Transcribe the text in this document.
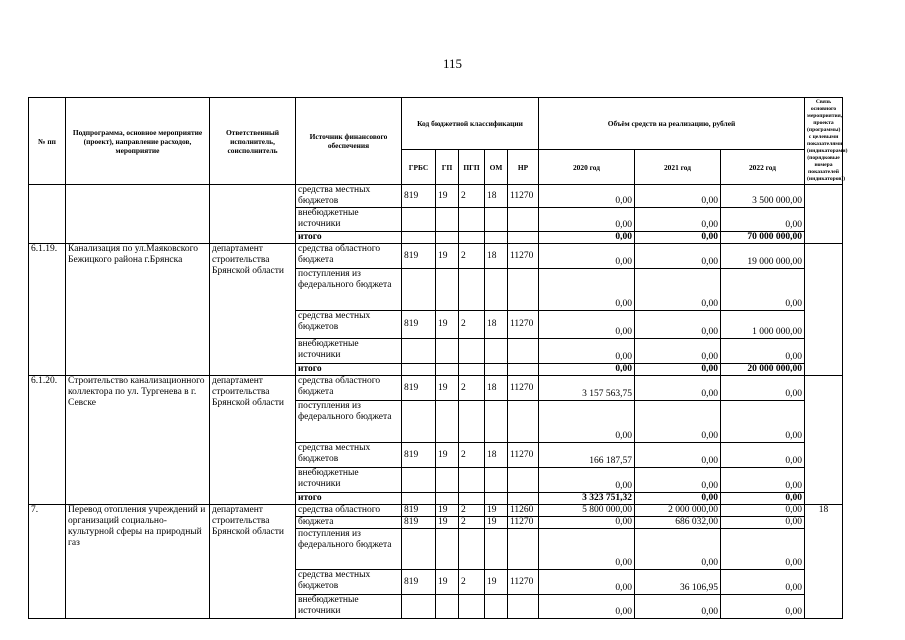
115
№ пп	Подпрограмма, основное мероприятие (проект), направление расходов, мероприятие	Ответственный исполнитель, соисполнитель	Источник финансового обеспечения	Код бюджетной классификации					Объём средств на реализацию, рублей			Связь основного мероприятия, проекта (программы) с целевыми показателями (индикаторами) (порядковые номера показателей (индикаторов))
				ГРБС	ГП	ПГП	ОМ	НР	2020 год	2021 год	2022 год	
			средства местных бюджетов	819	19	2	18	11270	0,00	0,00	3 500 000,00	
			внебюджетные источники						0,00	0,00	0,00	
			итого						0,00	0,00	70 000 000,00	
6.1.19.	Канализация по ул.Маяковского Бежицкого района г.Брянска	департамент строительства Брянской области	средства областного бюджета	819	19	2	18	11270	0,00	0,00	19 000 000,00	
			поступления из федерального бюджета						0,00	0,00	0,00	
			средства местных бюджетов	819	19	2	18	11270	0,00	0,00	1 000 000,00	
			внебюджетные источники						0,00	0,00	0,00	
			итого						0,00	0,00	20 000 000,00	
6.1.20.	Строительство канализационного коллектора по ул. Тургенева в г. Севске	департамент строительства Брянской области	средства областного бюджета	819	19	2	18	11270	3 157 563,75	0,00	0,00	
			поступления из федерального бюджета						0,00	0,00	0,00	
			средства местных бюджетов	819	19	2	18	11270	166 187,57	0,00	0,00	
			внебюджетные источники						0,00	0,00	0,00	
			итого						3 323 751,32	0,00	0,00	
7.	Перевод отопления учреждений и организаций социально-культурной сферы на природный газ	департамент строительства Брянской области	средства областного	819	19	2	19	11260	5 800 000,00	2 000 000,00	0,00	18
			бюджета	819	19	2	19	11270	0,00	686 032,00	0,00	
			поступления из федерального бюджета						0,00	0,00	0,00	
			средства местных бюджетов	819	19	2	19	11270	0,00	36 106,95	0,00	
			внебюджетные источники						0,00	0,00	0,00	
